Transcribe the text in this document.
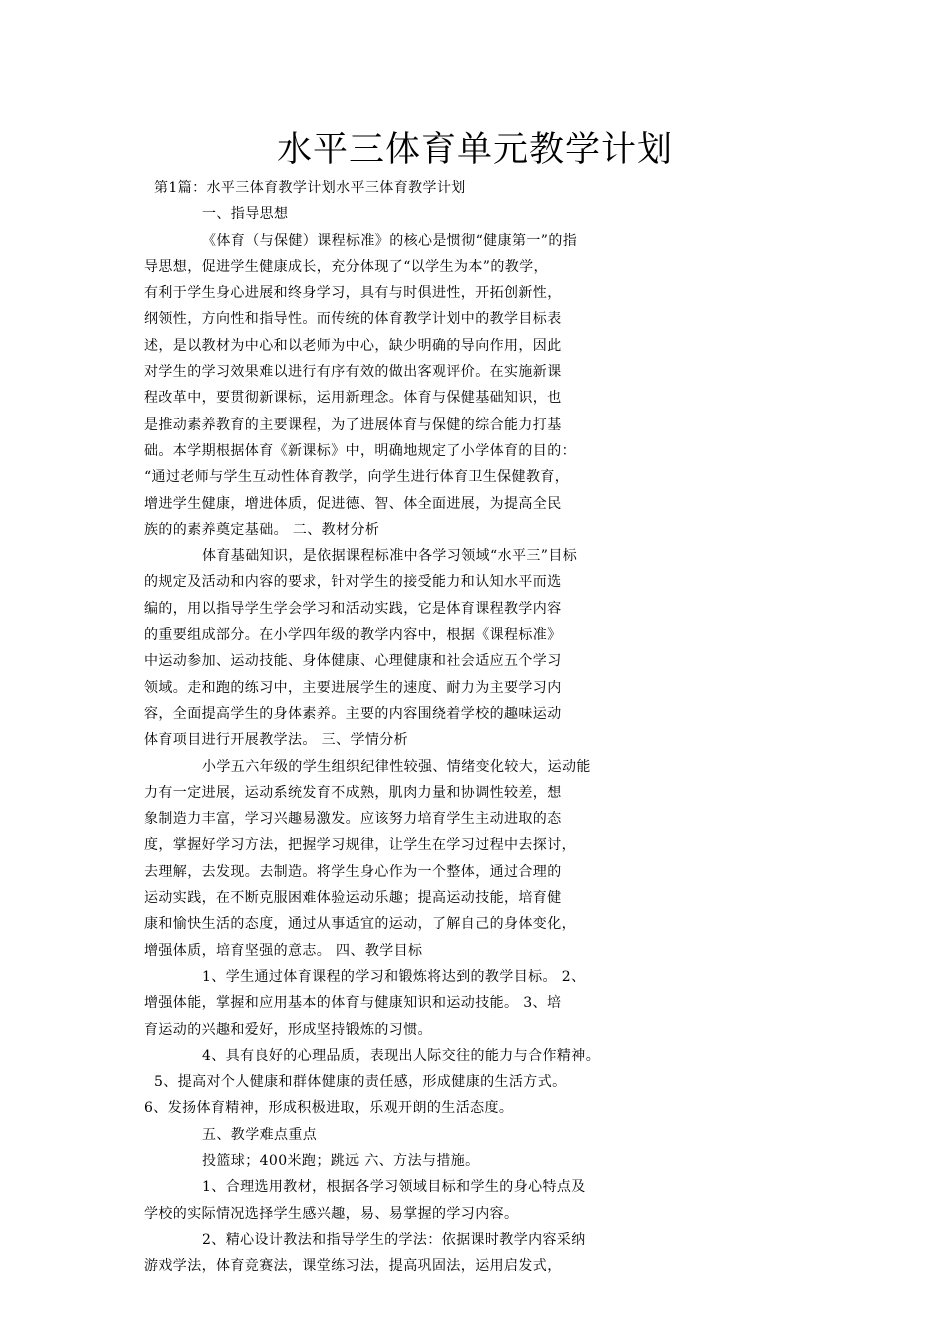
水平三体育单元教学计划
第1篇：水平三体育教学计划水平三体育教学计划
一、指导思想
《体育（与保健）课程标准》的核心是惯彻“健康第一”的指
导思想，促进学生健康成长，充分体现了“以学生为本”的教学，
有利于学生身心进展和终身学习，具有与时俱进性，开拓创新性，
纲领性，方向性和指导性。而传统的体育教学计划中的教学目标表
述，是以教材为中心和以老师为中心，缺少明确的导向作用，因此
对学生的学习效果难以进行有序有效的做出客观评价。在实施新课
程改革中，要贯彻新课标，运用新理念。体育与保健基础知识，也
是推动素养教育的主要课程，为了进展体育与保健的综合能力打基
础。本学期根据体育《新课标》中，明确地规定了小学体育的目的：
“通过老师与学生互动性体育教学，向学生进行体育卫生保健教育，
增进学生健康，增进体质，促进德、智、体全面进展，为提高全民
族的的素养奠定基础。 二、教材分析
体育基础知识，是依据课程标准中各学习领域“水平三”目标
的规定及活动和内容的要求，针对学生的接受能力和认知水平而选
编的，用以指导学生学会学习和活动实践，它是体育课程教学内容
的重要组成部分。在小学四年级的教学内容中，根据《课程标准》
中运动参加、运动技能、身体健康、心理健康和社会适应五个学习
领域。走和跑的练习中，主要进展学生的速度、耐力为主要学习内
容，全面提高学生的身体素养。主要的内容围绕着学校的趣味运动
体育项目进行开展教学法。 三、学情分析
小学五六年级的学生组织纪律性较强、情绪变化较大，运动能
力有一定进展，运动系统发育不成熟，肌肉力量和协调性较差，想
象制造力丰富，学习兴趣易激发。应该努力培育学生主动进取的态
度，掌握好学习方法，把握学习规律，让学生在学习过程中去探讨，
去理解，去发现。去制造。将学生身心作为一个整体，通过合理的
运动实践，在不断克服困难体验运动乐趣；提高运动技能，培育健
康和愉快生活的态度，通过从事适宜的运动，了解自己的身体变化，
增强体质，培育坚强的意志。 四、教学目标
1、学生通过体育课程的学习和锻炼将达到的教学目标。 2、
增强体能，掌握和应用基本的体育与健康知识和运动技能。 3、培
育运动的兴趣和爱好，形成坚持锻炼的习惯。
4、具有良好的心理品质，表现出人际交往的能力与合作精神。
5、提高对个人健康和群体健康的责任感，形成健康的生活方式。
6、发扬体育精神，形成积极进取，乐观开朗的生活态度。
五、教学难点重点
投篮球；400米跑；跳远 六、方法与措施。
1、合理选用教材，根据各学习领域目标和学生的身心特点及
学校的实际情况选择学生感兴趣，易、易掌握的学习内容。
2、精心设计教法和指导学生的学法：依据课时教学内容采纳
游戏学法，体育竞赛法，课堂练习法，提高巩固法，运用启发式，
